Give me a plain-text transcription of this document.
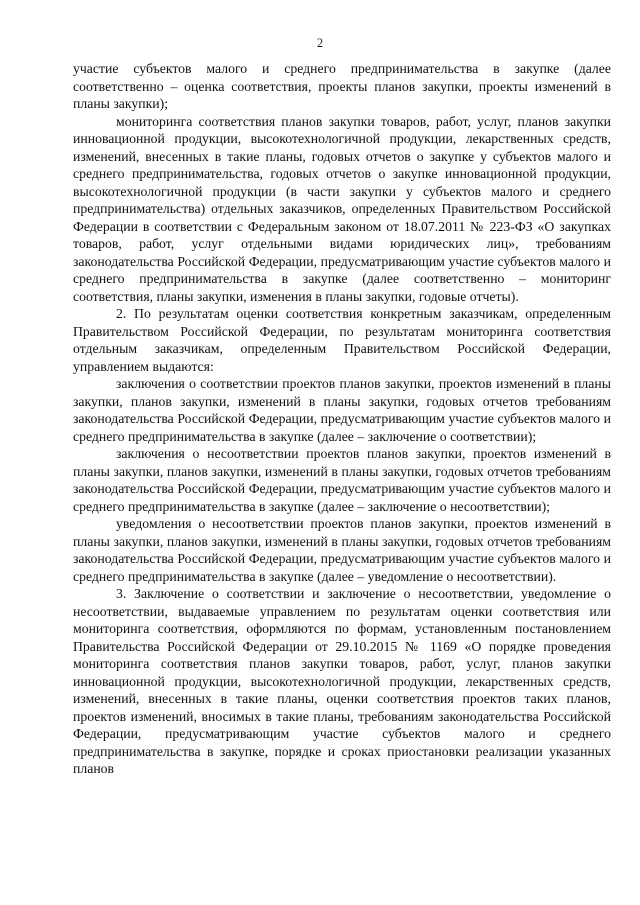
2

участие субъектов малого и среднего предпринимательства в закупке (далее соответственно – оценка соответствия, проекты планов закупки, проекты изменений в планы закупки);

мониторинга соответствия планов закупки товаров, работ, услуг, планов закупки инновационной продукции, высокотехнологичной продукции, лекарственных средств, изменений, внесенных в такие планы, годовых отчетов о закупке у субъектов малого и среднего предпринимательства, годовых отчетов о закупке инновационной продукции, высокотехнологичной продукции (в части закупки у субъектов малого и среднего предпринимательства) отдельных заказчиков, определенных Правительством Российской Федерации в соответствии с Федеральным законом от 18.07.2011 № 223-ФЗ «О закупках товаров, работ, услуг отдельными видами юридических лиц», требованиям законодательства Российской Федерации, предусматривающим участие субъектов малого и среднего предпринимательства в закупке (далее соответственно – мониторинг соответствия, планы закупки, изменения в планы закупки, годовые отчеты).

2. По результатам оценки соответствия конкретным заказчикам, определенным Правительством Российской Федерации, по результатам мониторинга соответствия отдельным заказчикам, определенным Правительством Российской Федерации, управлением выдаются:

заключения о соответствии проектов планов закупки, проектов изменений в планы закупки, планов закупки, изменений в планы закупки, годовых отчетов требованиям законодательства Российской Федерации, предусматривающим участие субъектов малого и среднего предпринимательства в закупке (далее – заключение о соответствии);

заключения о несоответствии проектов планов закупки, проектов изменений в планы закупки, планов закупки, изменений в планы закупки, годовых отчетов требованиям законодательства Российской Федерации, предусматривающим участие субъектов малого и среднего предпринимательства в закупке (далее – заключение о несоответствии);

уведомления о несоответствии проектов планов закупки, проектов изменений в планы закупки, планов закупки, изменений в планы закупки, годовых отчетов требованиям законодательства Российской Федерации, предусматривающим участие субъектов малого и среднего предпринимательства в закупке (далее – уведомление о несоответствии).

3. Заключение о соответствии и заключение о несоответствии, уведомление о несоответствии, выдаваемые управлением по результатам оценки соответствия или мониторинга соответствия, оформляются по формам, установленным постановлением Правительства Российской Федерации от 29.10.2015 № 1169 «О порядке проведения мониторинга соответствия планов закупки товаров, работ, услуг, планов закупки инновационной продукции, высокотехнологичной продукции, лекарственных средств, изменений, внесенных в такие планы, оценки соответствия проектов таких планов, проектов изменений, вносимых в такие планы, требованиям законодательства Российской Федерации, предусматривающим участие субъектов малого и среднего предпринимательства в закупке, порядке и сроках приостановки реализации указанных планов
